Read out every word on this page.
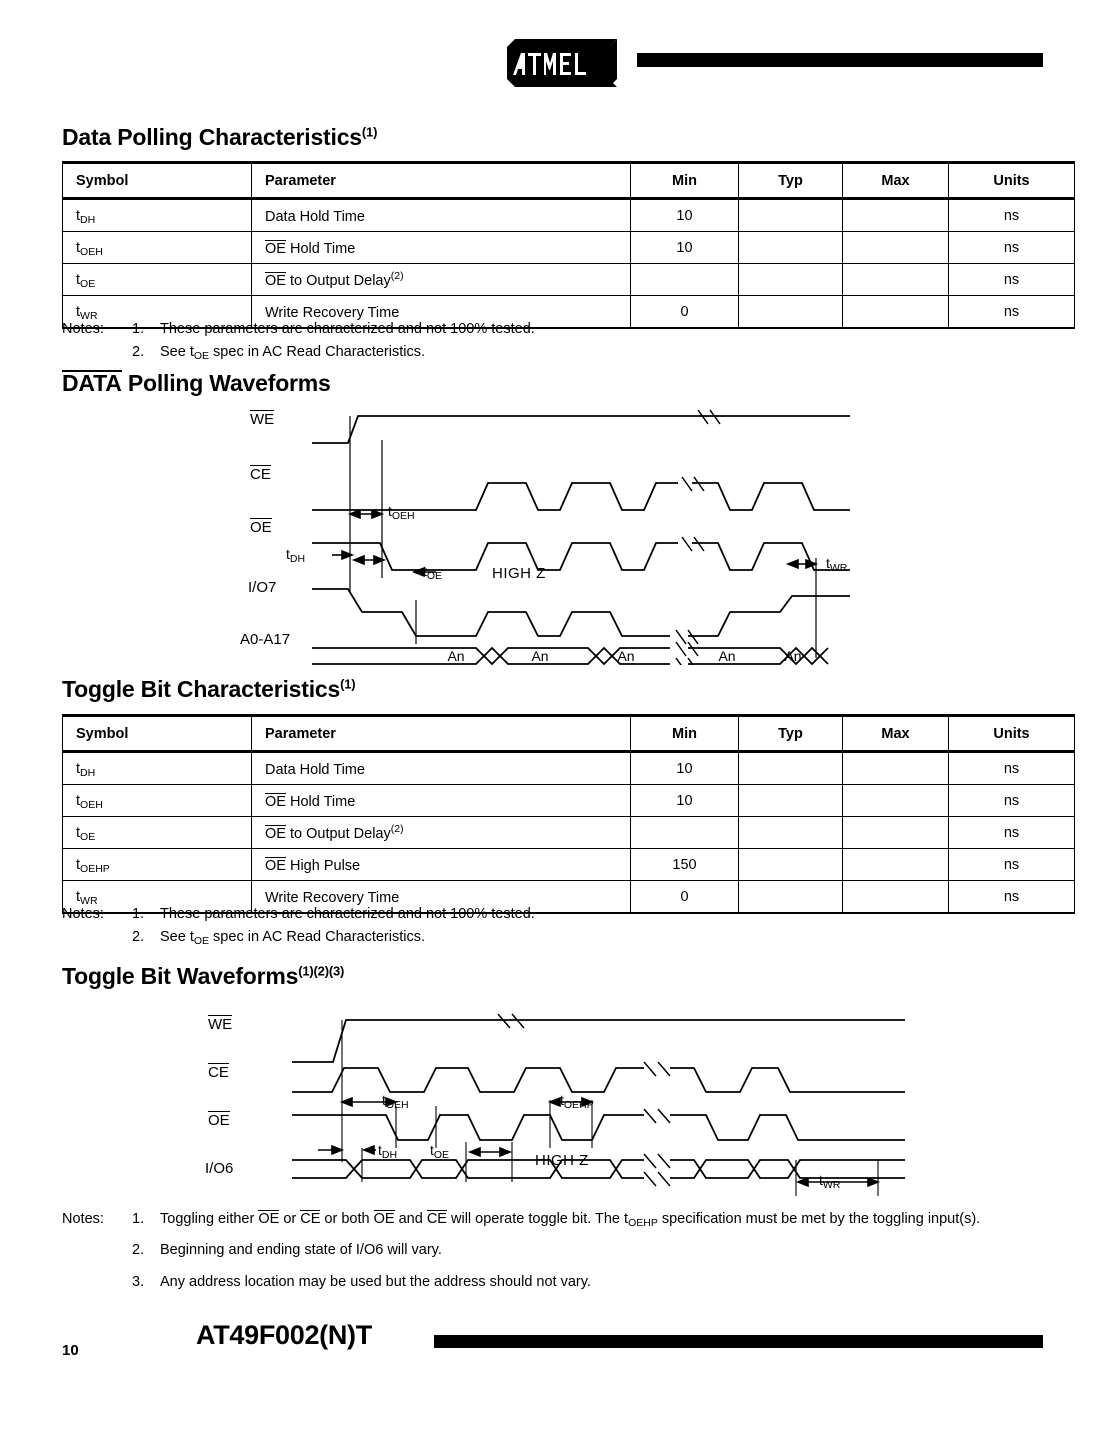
Data Polling Characteristics$^{(1)}$
Symbol	Parameter	Min	Typ	Max	Units
$t_{DH}$	Data Hold Time	10			ns
$t_{OEH}$	OE Hold Time	10			ns
$t_{OE}$	OE to Output Delay$^{(2)}$				ns
$t_{WR}$	Write Recovery Time	0			ns
Notes: 1. These parameters are characterized and not 100% tested.
2. See $t_{OE}$ spec in AC Read Characteristics.
DATA Polling Waveforms
WE
CE
OE
I/O7
A0-A17
$t_{OEH}$
$t_{DH}$
$t_{OE}$
$t_{WR}$
HIGH Z
An	An	An	An	An
Toggle Bit Characteristics$^{(1)}$
Symbol	Parameter	Min	Typ	Max	Units
$t_{DH}$	Data Hold Time	10			ns
$t_{OEH}$	OE Hold Time	10			ns
$t_{OE}$	OE to Output Delay$^{(2)}$				ns
$t_{OEHP}$	OE High Pulse	150			ns
$t_{WR}$	Write Recovery Time	0			ns
Notes: 1. These parameters are characterized and not 100% tested.
2. See $t_{OE}$ spec in AC Read Characteristics.
Toggle Bit Waveforms$^{(1)(2)(3)}$
WE
CE
OE
I/O6
$t_{OEH}$	$t_{OEHP}$
$t_{DH}$ $t_{OE}$
$t_{WR}$
HIGH Z
Notes: 1. Toggling either OE or CE or both OE and CE will operate toggle bit. The $t_{OEHP}$ specification must be met by the toggling input(s).
2. Beginning and ending state of I/O6 will vary.
3. Any address location may be used but the address should not vary.
10
AT49F002(N)T
